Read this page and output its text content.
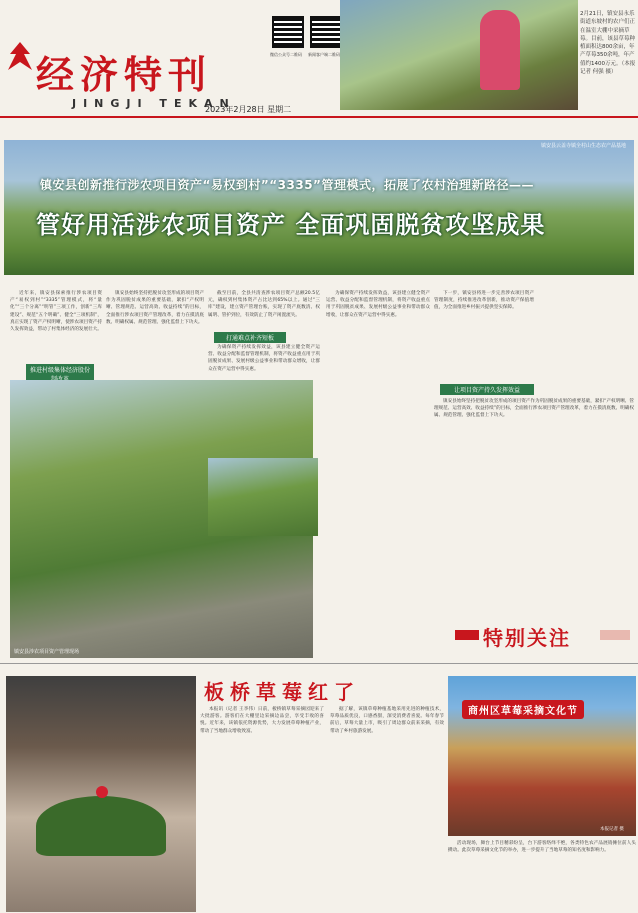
经济特刊
JINGJI TEKAN
2023年2月28日 星期二
微信公众号二维码	新闻客户端二维码
2月21日，镇安县永乐街道东坡村的农户们正在温室大棚中采摘草莓。目前，该县草莓种植面积达800余亩，年产草莓350余吨，年产值约1400万元。（本报记者 何强 摄）
镇安县云盖寺镇全村山生态农产品基地
镇安县创新推行涉农项目资产“易权到村”“3335”管理模式，拓展了农村治理新路径——
管好用活涉农项目资产 全面巩固脱贫攻坚成果

近年来，镇安县探索推行涉农项目资产“易权到村”“3335”管理模式，将“量化”“三个分离”“明管”三项工作，创新“三库建设”、规范“五个明确”、健全“三项机制”，真正实现了资产产权明晰，使涉农项目资产持久发挥效益，带动了村集体经济的发展壮大。

推进村级集体经济股份

镇安县始终坚持把脱贫攻坚形成的项目资产作为巩固脱贫成果的重要基础，紧扣“产权明晰、管理规范、运营高效、收益持续”的目标，全面推行涉农项目资产管理改革，着力在摸清底数、明确权属、规范管理、强化监督上下功夫。

截至目前，全县共清查涉农项目资产总额20.5亿元，确权到村集体资产占比达到65%以上。通过“三库”建设，建立资产管理台账，实现了资产底数清、权属明、管护到位，有效防止了资产闲置流失。

打通难点补齐短板

为确保资产持续发挥效益，该县建立健全资产运营、收益分配和监督管理机制，将资产收益重点用于巩固脱贫成果、发展村级公益事业和带动群众增收，让群众在资产运营中得实惠。

镇安县涉农项目资产管理现场

为确保资产持续发挥效益，该县建立健全资产运营、收益分配和监督管理机制，将资产收益重点用于巩固脱贫成果、发展村级公益事业和带动群众增收，让群众在资产运营中得实惠。

下一步，镇安县将进一步完善涉农项目资产管理制度，持续推进改革创新，推动资产保值增值，为全面推进乡村振兴提供坚实保障。

让项目资产持久发挥效益

镇安县始终坚持把脱贫攻坚形成的项目资产作为巩固脱贫成果的重要基础，紧扣“产权明晰、管理规范、运营高效、收益持续”的目标，全面推行涉农项目资产管理改革，着力在摸清底数、明确权属、规范管理、强化监督上下功夫。

特别关注
板桥草莓红了

本报讯（记者 王李伟）日前，板桥镇草莓采摘园迎来了大批游客。游客们在大棚里边采摘边品尝，享受丰收的喜悦。近年来，该镇依托资源优势，大力发展草莓种植产业，带动了当地群众增收致富。

据了解，该镇草莓种植基地采用先进的种植技术，草莓品质优良，口感香甜，深受消费者喜爱。每年春节前后，草莓大量上市，吸引了周边群众前来采摘，有效带动了乡村旅游发展。

商州区草莓采摘文化节
本报记者 摄

活动现场，舞台上节目精彩纷呈，台下游客络绎不绝，各类特色农产品展销摊位前人头攒动。此次草莓采摘文化节的举办，进一步提升了当地草莓的知名度和影响力。
